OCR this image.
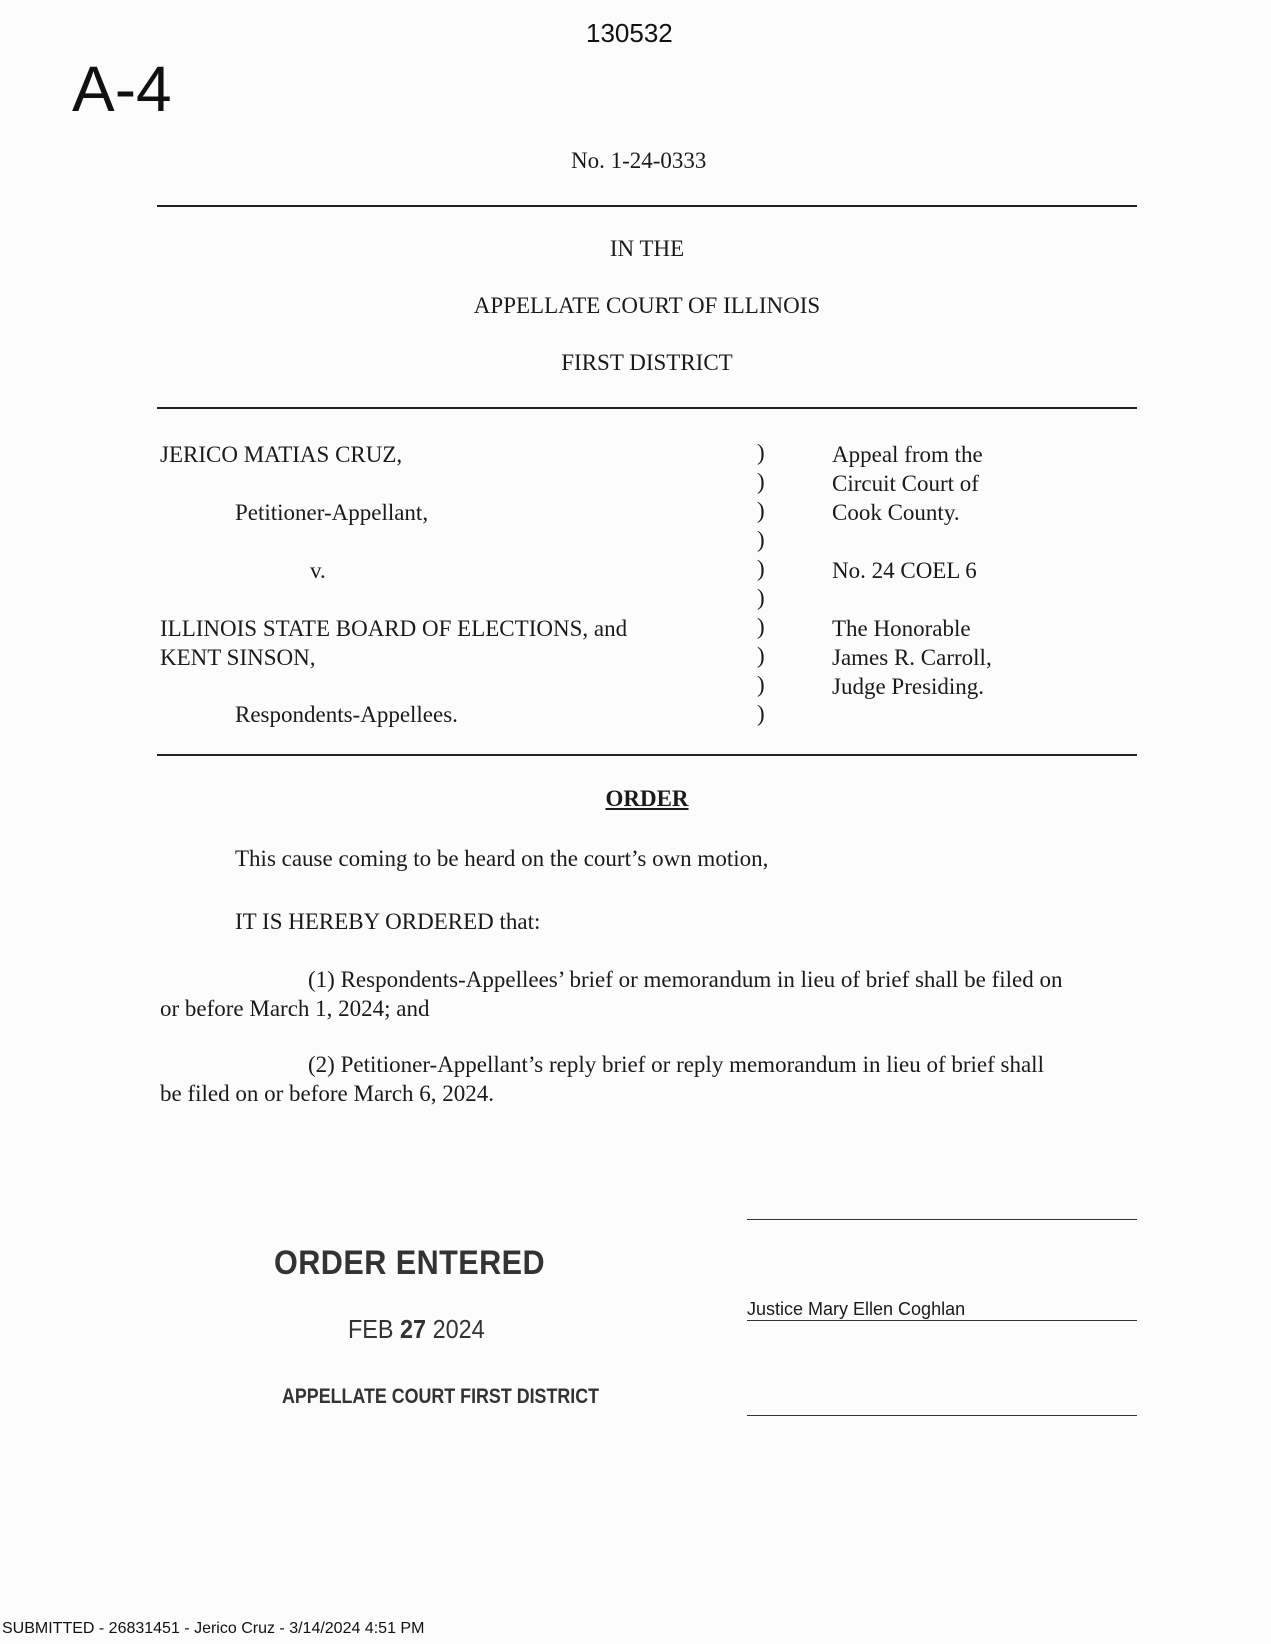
130532
A-4
No. 1-24-0333
IN THE
APPELLATE COURT OF ILLINOIS
FIRST DISTRICT
JERICO MATIAS CRUZ,
Petitioner-Appellant,
v.
ILLINOIS STATE BOARD OF ELECTIONS, and
KENT SINSON,
Respondents-Appellees.
)
)
)
)
)
)
)
)
)
)
Appeal from the
Circuit Court of
Cook County.
No. 24 COEL 6
The Honorable
James R. Carroll,
Judge Presiding.
ORDER
This cause coming to be heard on the court’s own motion,
IT IS HEREBY ORDERED that:
(1) Respondents-Appellees’ brief or memorandum in lieu of brief shall be filed on
or before March 1, 2024; and
(2) Petitioner-Appellant’s reply brief or reply memorandum in lieu of brief shall
be filed on or before March 6, 2024.
ORDER ENTERED
FEB 27 2024
APPELLATE COURT FIRST DISTRICT
Justice Mary Ellen Coghlan
SUBMITTED - 26831451 - Jerico Cruz - 3/14/2024 4:51 PM
